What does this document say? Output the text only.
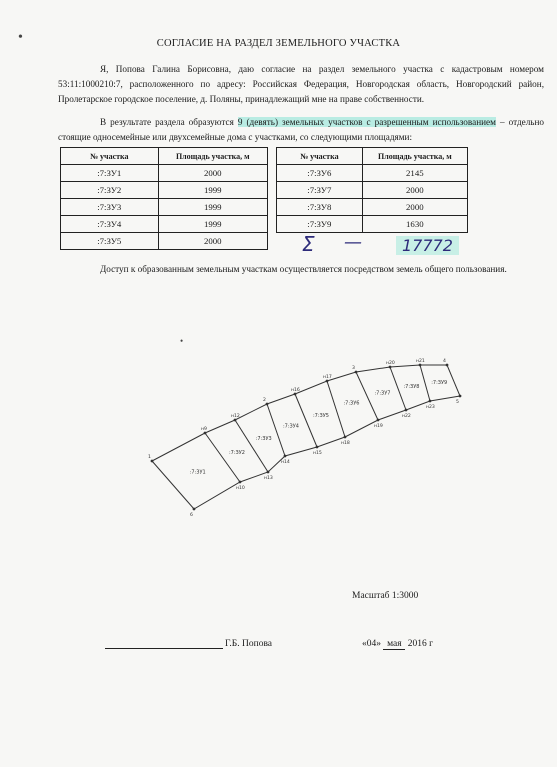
•
•
СОГЛАСИЕ НА РАЗДЕЛ ЗЕМЕЛЬНОГО УЧАСТКА
Я, Попова Галина Борисовна, даю согласие на раздел земельного участка с кадастровым номером 53:11:1000210:7, расположенного по адресу: Российская Федерация, Новгородская область, Новгородский район, Пролетарское городское поселение, д. Поляны, принадлежащий мне на праве собственности.
В результате раздела образуются 9 (девять) земельных участков с разрешенным использованием – отдельно стоящие односемейные или двухсемейные дома с участками, со следующими площадями:
№ участка	Площадь участка, м
:7:ЗУ1	2000
:7:ЗУ2	1999
:7:ЗУ3	1999
:7:ЗУ4	1999
:7:ЗУ5	2000
№ участка	Площадь участка, м
:7:ЗУ6	2145
:7:ЗУ7	2000
:7:ЗУ8	2000
:7:ЗУ9	1630
Σ —	17772
Доступ к образованным земельным участкам осуществляется посредством земель общего пользования.
1
6
н9
н10
н12
н13
2
н14
н16
н15
н17
н18
3
н19
н20
н22
н21
н23
4
5
:7:ЗУ1
:7:ЗУ2
:7:ЗУ3
:7:ЗУ4
:7:ЗУ5
:7:ЗУ6
:7:ЗУ7
:7:ЗУ8
:7:ЗУ9
Масштаб 1:3000
Г.Б. Попова	«04» мая 2016 г
